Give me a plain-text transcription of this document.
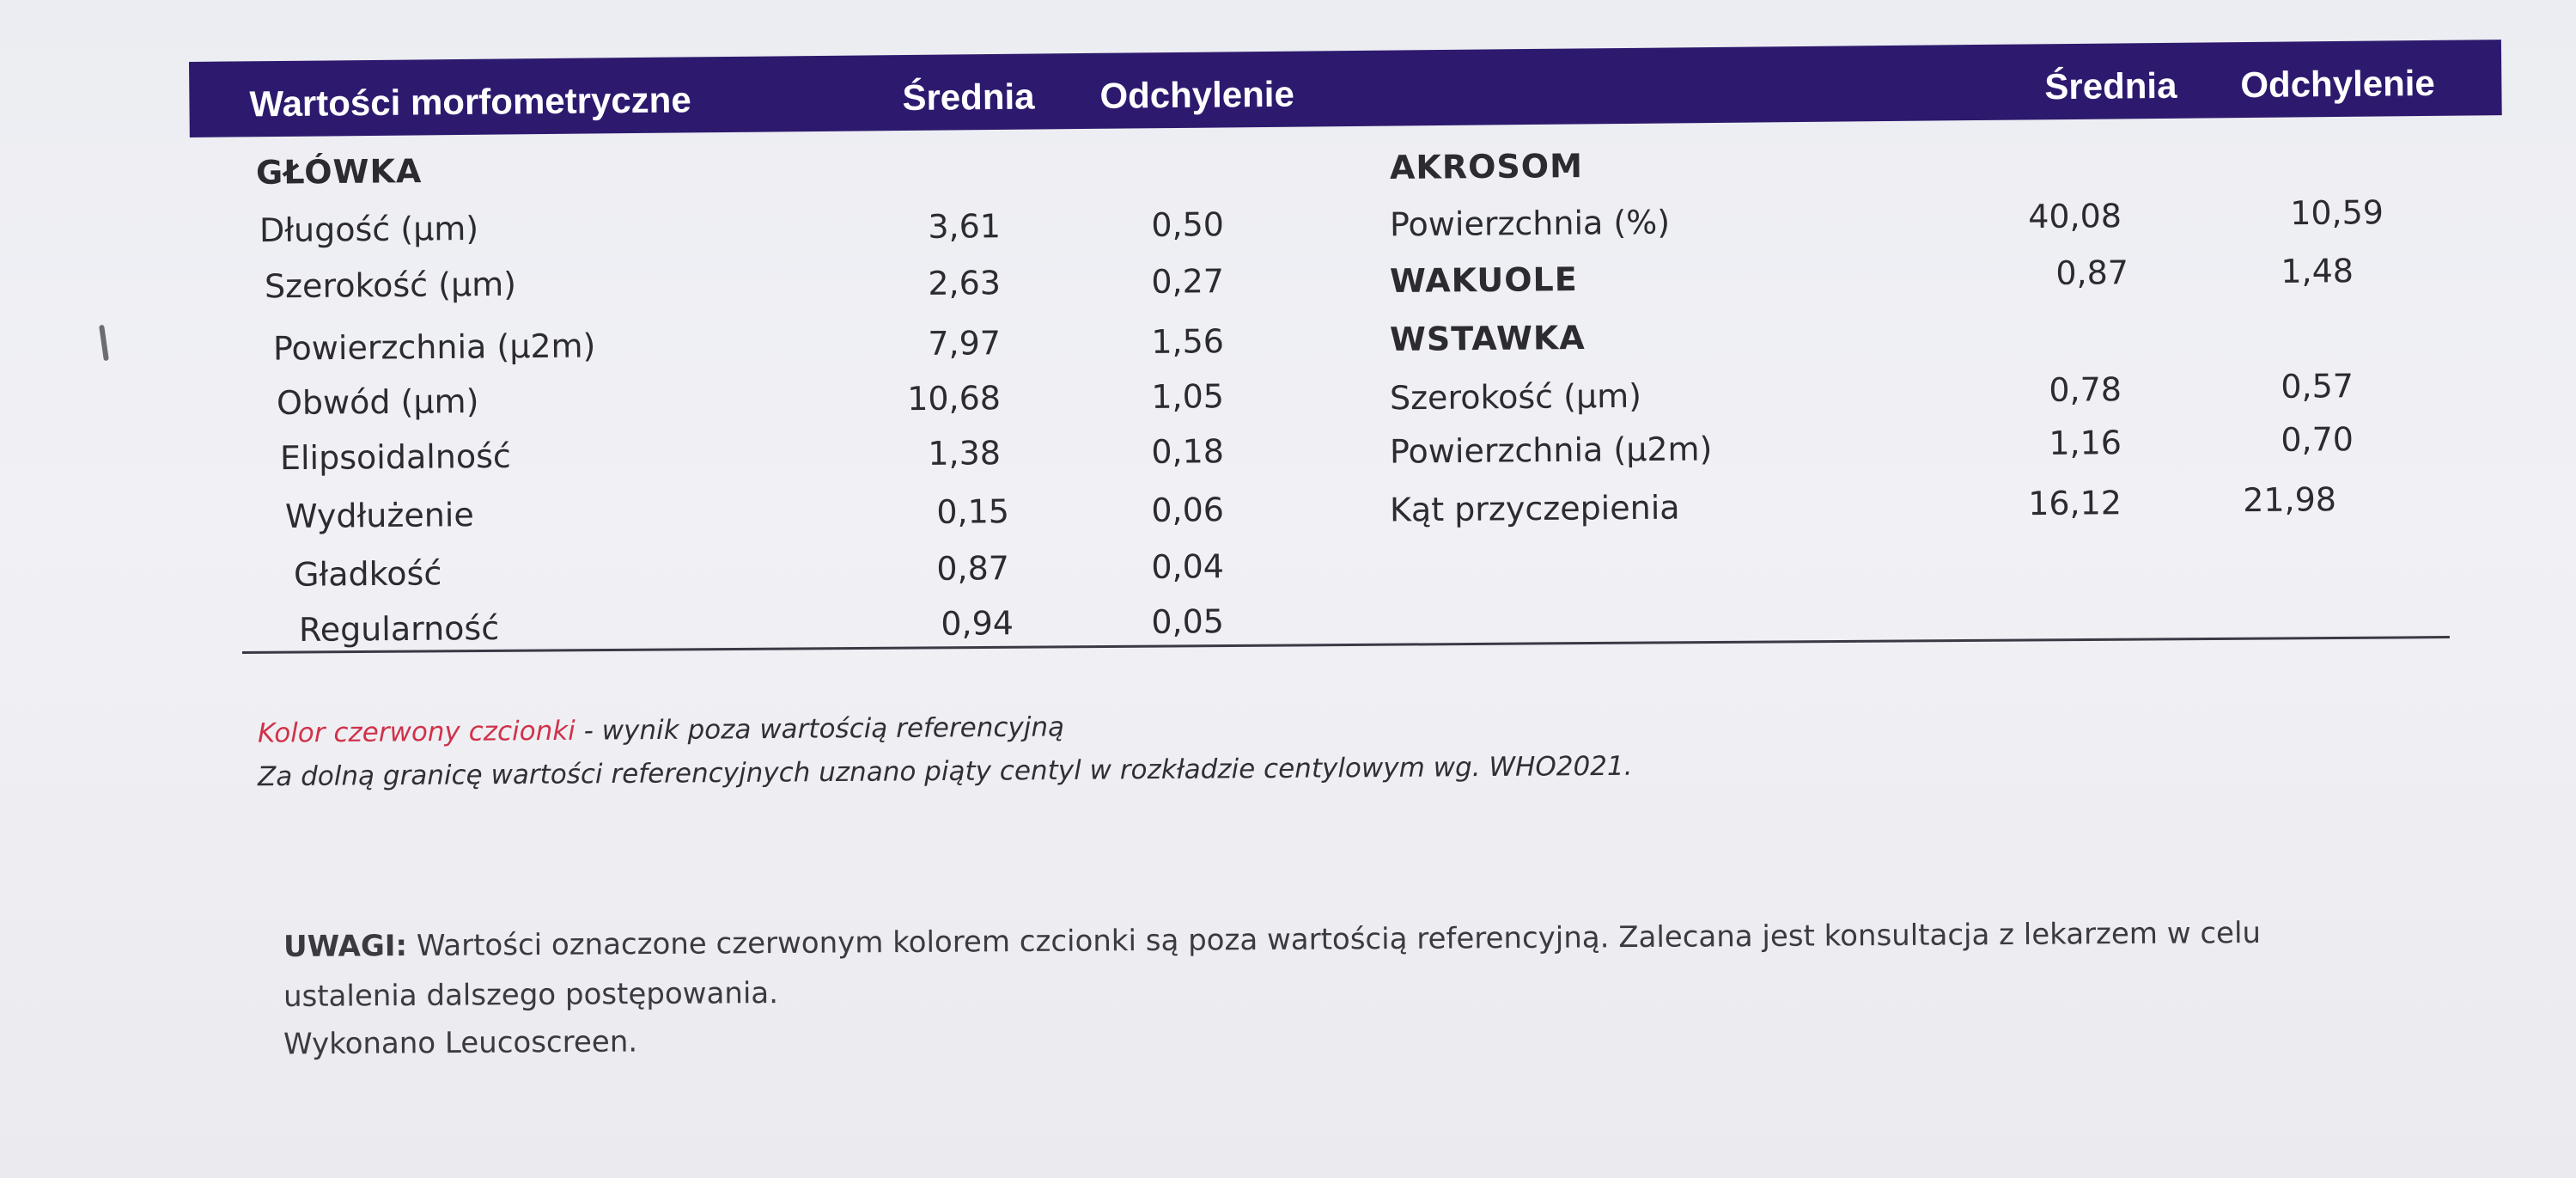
Wartości morfometryczne	Średnia Odchylenie	Średnia Odchylenie
GŁÓWKA
Długość (µm)	3,61	0,50
Szerokość (µm)	2,63	0,27
Powierzchnia (µ2m)	7,97	1,56
Obwód (µm)	10,68	1,05
Elipsoidalność	1,38	0,18
Wydłużenie	0,15	0,06
Gładkość	0,87	0,04
Regularność	0,94	0,05
AKROSOM
Powierzchnia (%)	40,08	10,59
WAKUOLE	0,87	1,48
WSTAWKA
Szerokość (µm)	0,78	0,57
Powierzchnia (µ2m)	1,16	0,70
Kąt przyczepienia	16,12	21,98
Kolor czerwony czcionki - wynik poza wartością referencyjną
Za dolną granicę wartości referencyjnych uznano piąty centyl w rozkładzie centylowym wg. WHO2021.
UWAGI: Wartości oznaczone czerwonym kolorem czcionki są poza wartością referencyjną. Zalecana jest konsultacja z lekarzem w celu
ustalenia dalszego postępowania.
Wykonano Leucoscreen.
